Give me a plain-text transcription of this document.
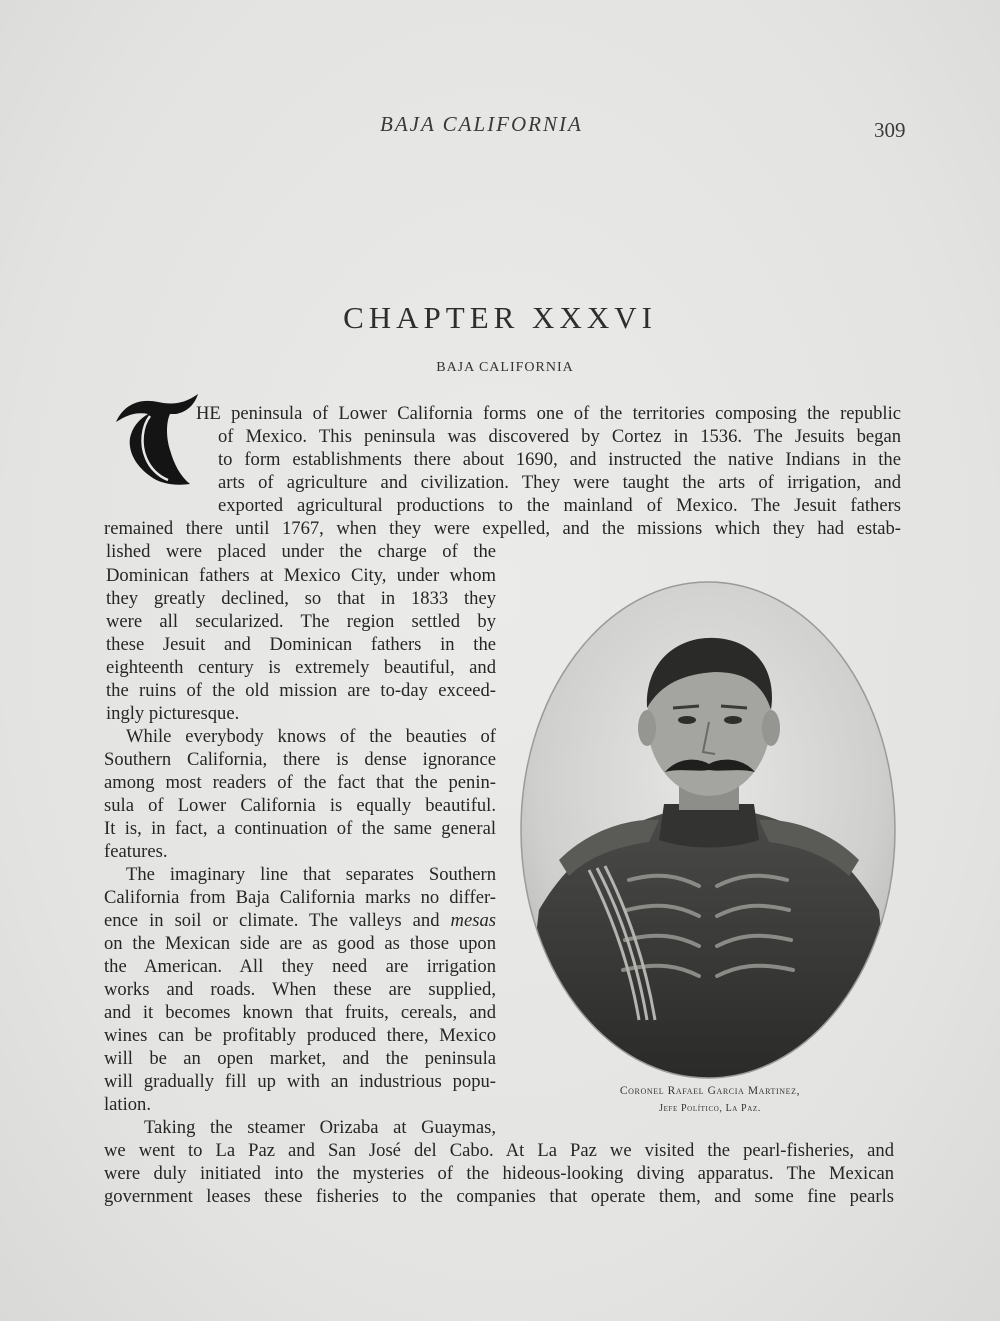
BAJA CALIFORNIA	309
CHAPTER XXXVI
BAJA CALIFORNIA
HE peninsula of Lower California forms one of the territories composing the republic
of Mexico. This peninsula was discovered by Cortez in 1536. The Jesuits began
to form establishments there about 1690, and instructed the native Indians in the
arts of agriculture and civilization. They were taught the arts of irrigation, and
exported agricultural productions to the mainland of Mexico. The Jesuit fathers
remained there until 1767, when they were expelled, and the missions which they had estab-
lished were placed under the charge of the
Dominican fathers at Mexico City, under whom
they greatly declined, so that in 1833 they
were all secularized. The region settled by
these Jesuit and Dominican fathers in the
eighteenth century is extremely beautiful, and
the ruins of the old mission are to-day exceed-
ingly picturesque.
While everybody knows of the beauties of
Southern California, there is dense ignorance
among most readers of the fact that the penin-
sula of Lower California is equally beautiful.
It is, in fact, a continuation of the same general
features.
The imaginary line that separates Southern
California from Baja California marks no differ-
ence in soil or climate. The valleys and mesas
on the Mexican side are as good as those upon
the American. All they need are irrigation
works and roads. When these are supplied,
and it becomes known that fruits, cereals, and
wines can be profitably produced there, Mexico
will be an open market, and the peninsula
will gradually fill up with an industrious popu-
lation.
Taking the steamer Orizaba at Guaymas,
we went to La Paz and San José del Cabo. At La Paz we visited the pearl-fisheries, and
were duly initiated into the mysteries of the hideous-looking diving apparatus. The Mexican
government leases these fisheries to the companies that operate them, and some fine pearls
Coronel Rafael Garcia Martinez,
Jefe Político, La Paz.
